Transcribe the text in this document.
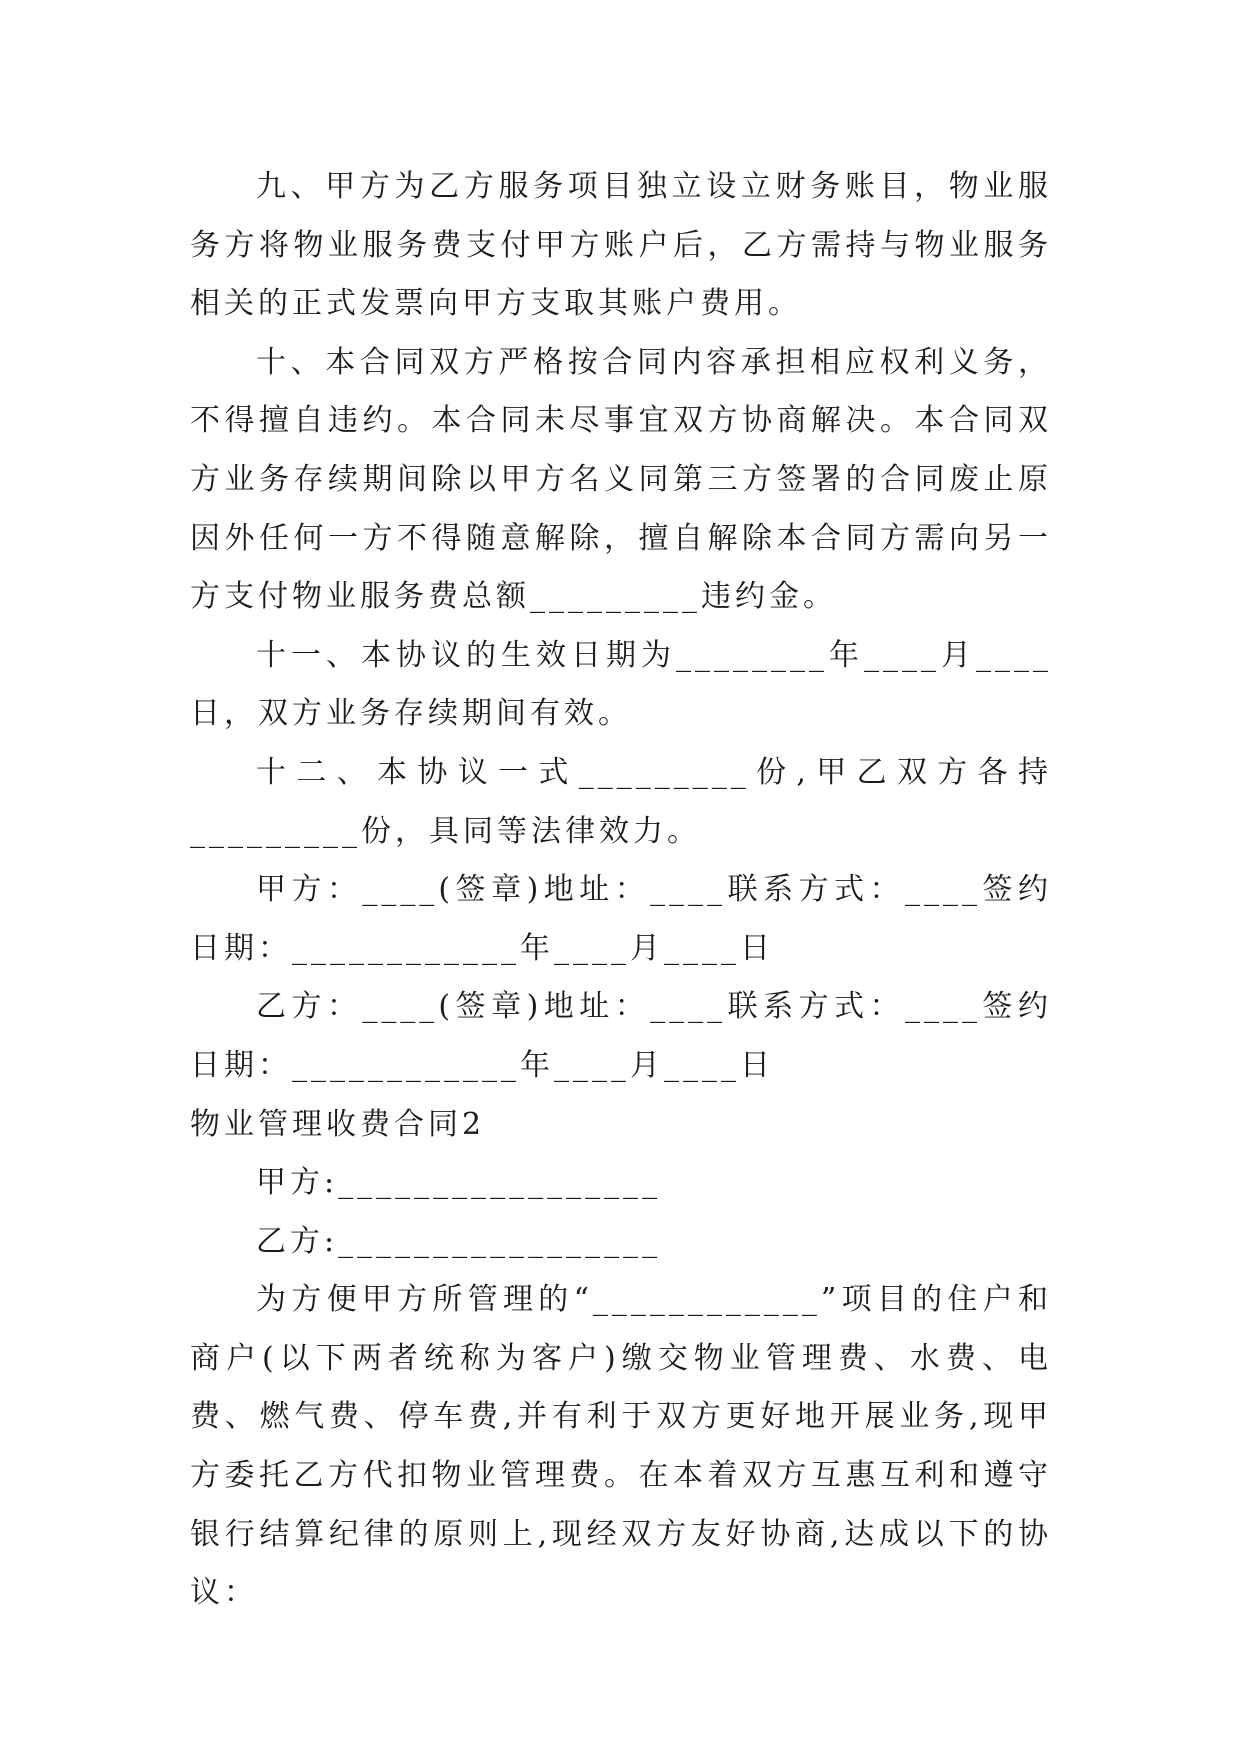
九、甲方为乙方服务项目独立设立财务账目，物业服务方将物业服务费支付甲方账户后，乙方需持与物业服务相关的正式发票向甲方支取其账户费用。

十、本合同双方严格按合同内容承担相应权利义务，不得擅自违约。本合同未尽事宜双方协商解决。本合同双方业务存续期间除以甲方名义同第三方签署的合同废止原因外任何一方不得随意解除，擅自解除本合同方需向另一方支付物业服务费总额_________违约金。

十一、本协议的生效日期为________年____月____日，双方业务存续期间有效。

十二、本协议一式_________份,甲乙双方各持_________份，具同等法律效力。

甲方：____(签章)地址：____联系方式：____签约日期：____________年____月____日

乙方：____(签章)地址：____联系方式：____签约日期：____________年____月____日

物业管理收费合同2

甲方:_________________

乙方:_________________

为方便甲方所管理的“____________”项目的住户和商户(以下两者统称为客户)缴交物业管理费、水费、电费、燃气费、停车费,并有利于双方更好地开展业务,现甲方委托乙方代扣物业管理费。在本着双方互惠互利和遵守银行结算纪律的原则上,现经双方友好协商,达成以下的协议：
